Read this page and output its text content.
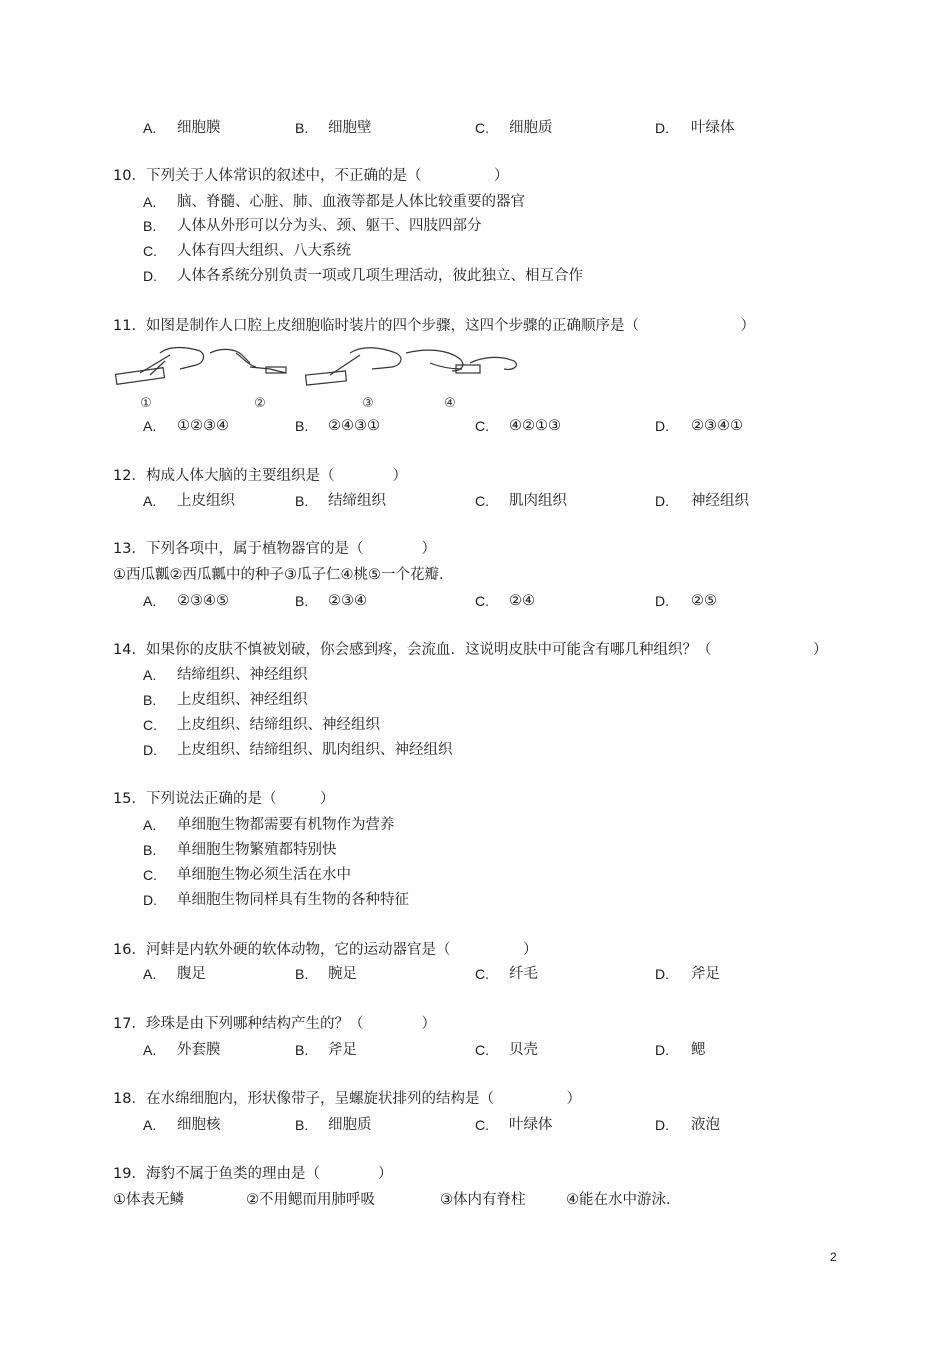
A. 细胞膜	B. 细胞壁	C. 细胞质	D. 叶绿体
10．下列关于人体常识的叙述中，不正确的是（　　　　　）
A. 脑、脊髓、心脏、肺、血液等都是人体比较重要的器官
B. 人体从外形可以分为头、颈、躯干、四肢四部分
C. 人体有四大组织、八大系统
D. 人体各系统分别负责一项或几项生理活动，彼此独立、相互合作
11．如图是制作人口腔上皮细胞临时装片的四个步骤，这四个步骤的正确顺序是（　　　　　　　）
①	②	③	④
A. ①②③④	B. ②④③①	C. ④②①③	D. ②③④①
12．构成人体大脑的主要组织是（　　　　）
A. 上皮组织	B. 结缔组织	C. 肌肉组织	D. 神经组织
13．下列各项中，属于植物器官的是（　　　　）
①西瓜瓤②西瓜瓤中的种子③瓜子仁④桃⑤一个花瓣.
A. ②③④⑤	B. ②③④	C. ②④	D. ②⑤
14．如果你的皮肤不慎被划破，你会感到疼，会流血．这说明皮肤中可能含有哪几种组织？（　　　　　　　）
A. 结缔组织、神经组织
B. 上皮组织、神经组织
C. 上皮组织、结缔组织、神经组织
D. 上皮组织、结缔组织、肌肉组织、神经组织
15．下列说法正确的是（　　　）
A. 单细胞生物都需要有机物作为营养
B. 单细胞生物繁殖都特别快
C. 单细胞生物必须生活在水中
D. 单细胞生物同样具有生物的各种特征
16．河蚌是内软外硬的软体动物，它的运动器官是（　　　　　）
A. 腹足	B. 腕足	C. 纤毛	D. 斧足
17．珍珠是由下列哪种结构产生的？（　　　　）
A. 外套膜	B. 斧足	C. 贝壳	D. 鳃
18．在水绵细胞内，形状像带子，呈螺旋状排列的结构是（　　　　　）
A. 细胞核	B. 细胞质	C. 叶绿体	D. 液泡
19．海豹不属于鱼类的理由是（　　　　）
①体表无鳞	②不用鳃而用肺呼吸	③体内有脊柱	④能在水中游泳.
2
